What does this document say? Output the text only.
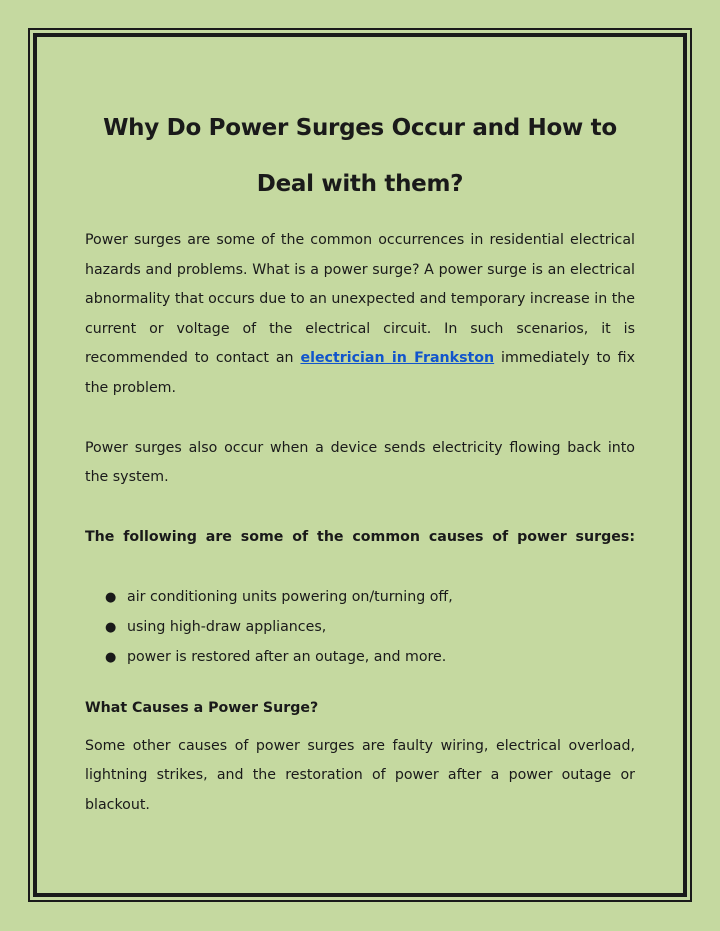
Why Do Power Surges Occur and How to Deal with them?

Power surges are some of the common occurrences in residential electrical hazards and problems. What is a power surge? A power surge is an electrical abnormality that occurs due to an unexpected and temporary increase in the current or voltage of the electrical circuit. In such scenarios, it is recommended to contact an electrician in Frankston immediately to fix the problem.

Power surges also occur when a device sends electricity flowing back into the system.

The following are some of the common causes of power surges:

● air conditioning units powering on/turning off,
● using high-draw appliances,
● power is restored after an outage, and more.
What Causes a Power Surge?

Some other causes of power surges are faulty wiring, electrical overload, lightning strikes, and the restoration of power after a power outage or blackout.
